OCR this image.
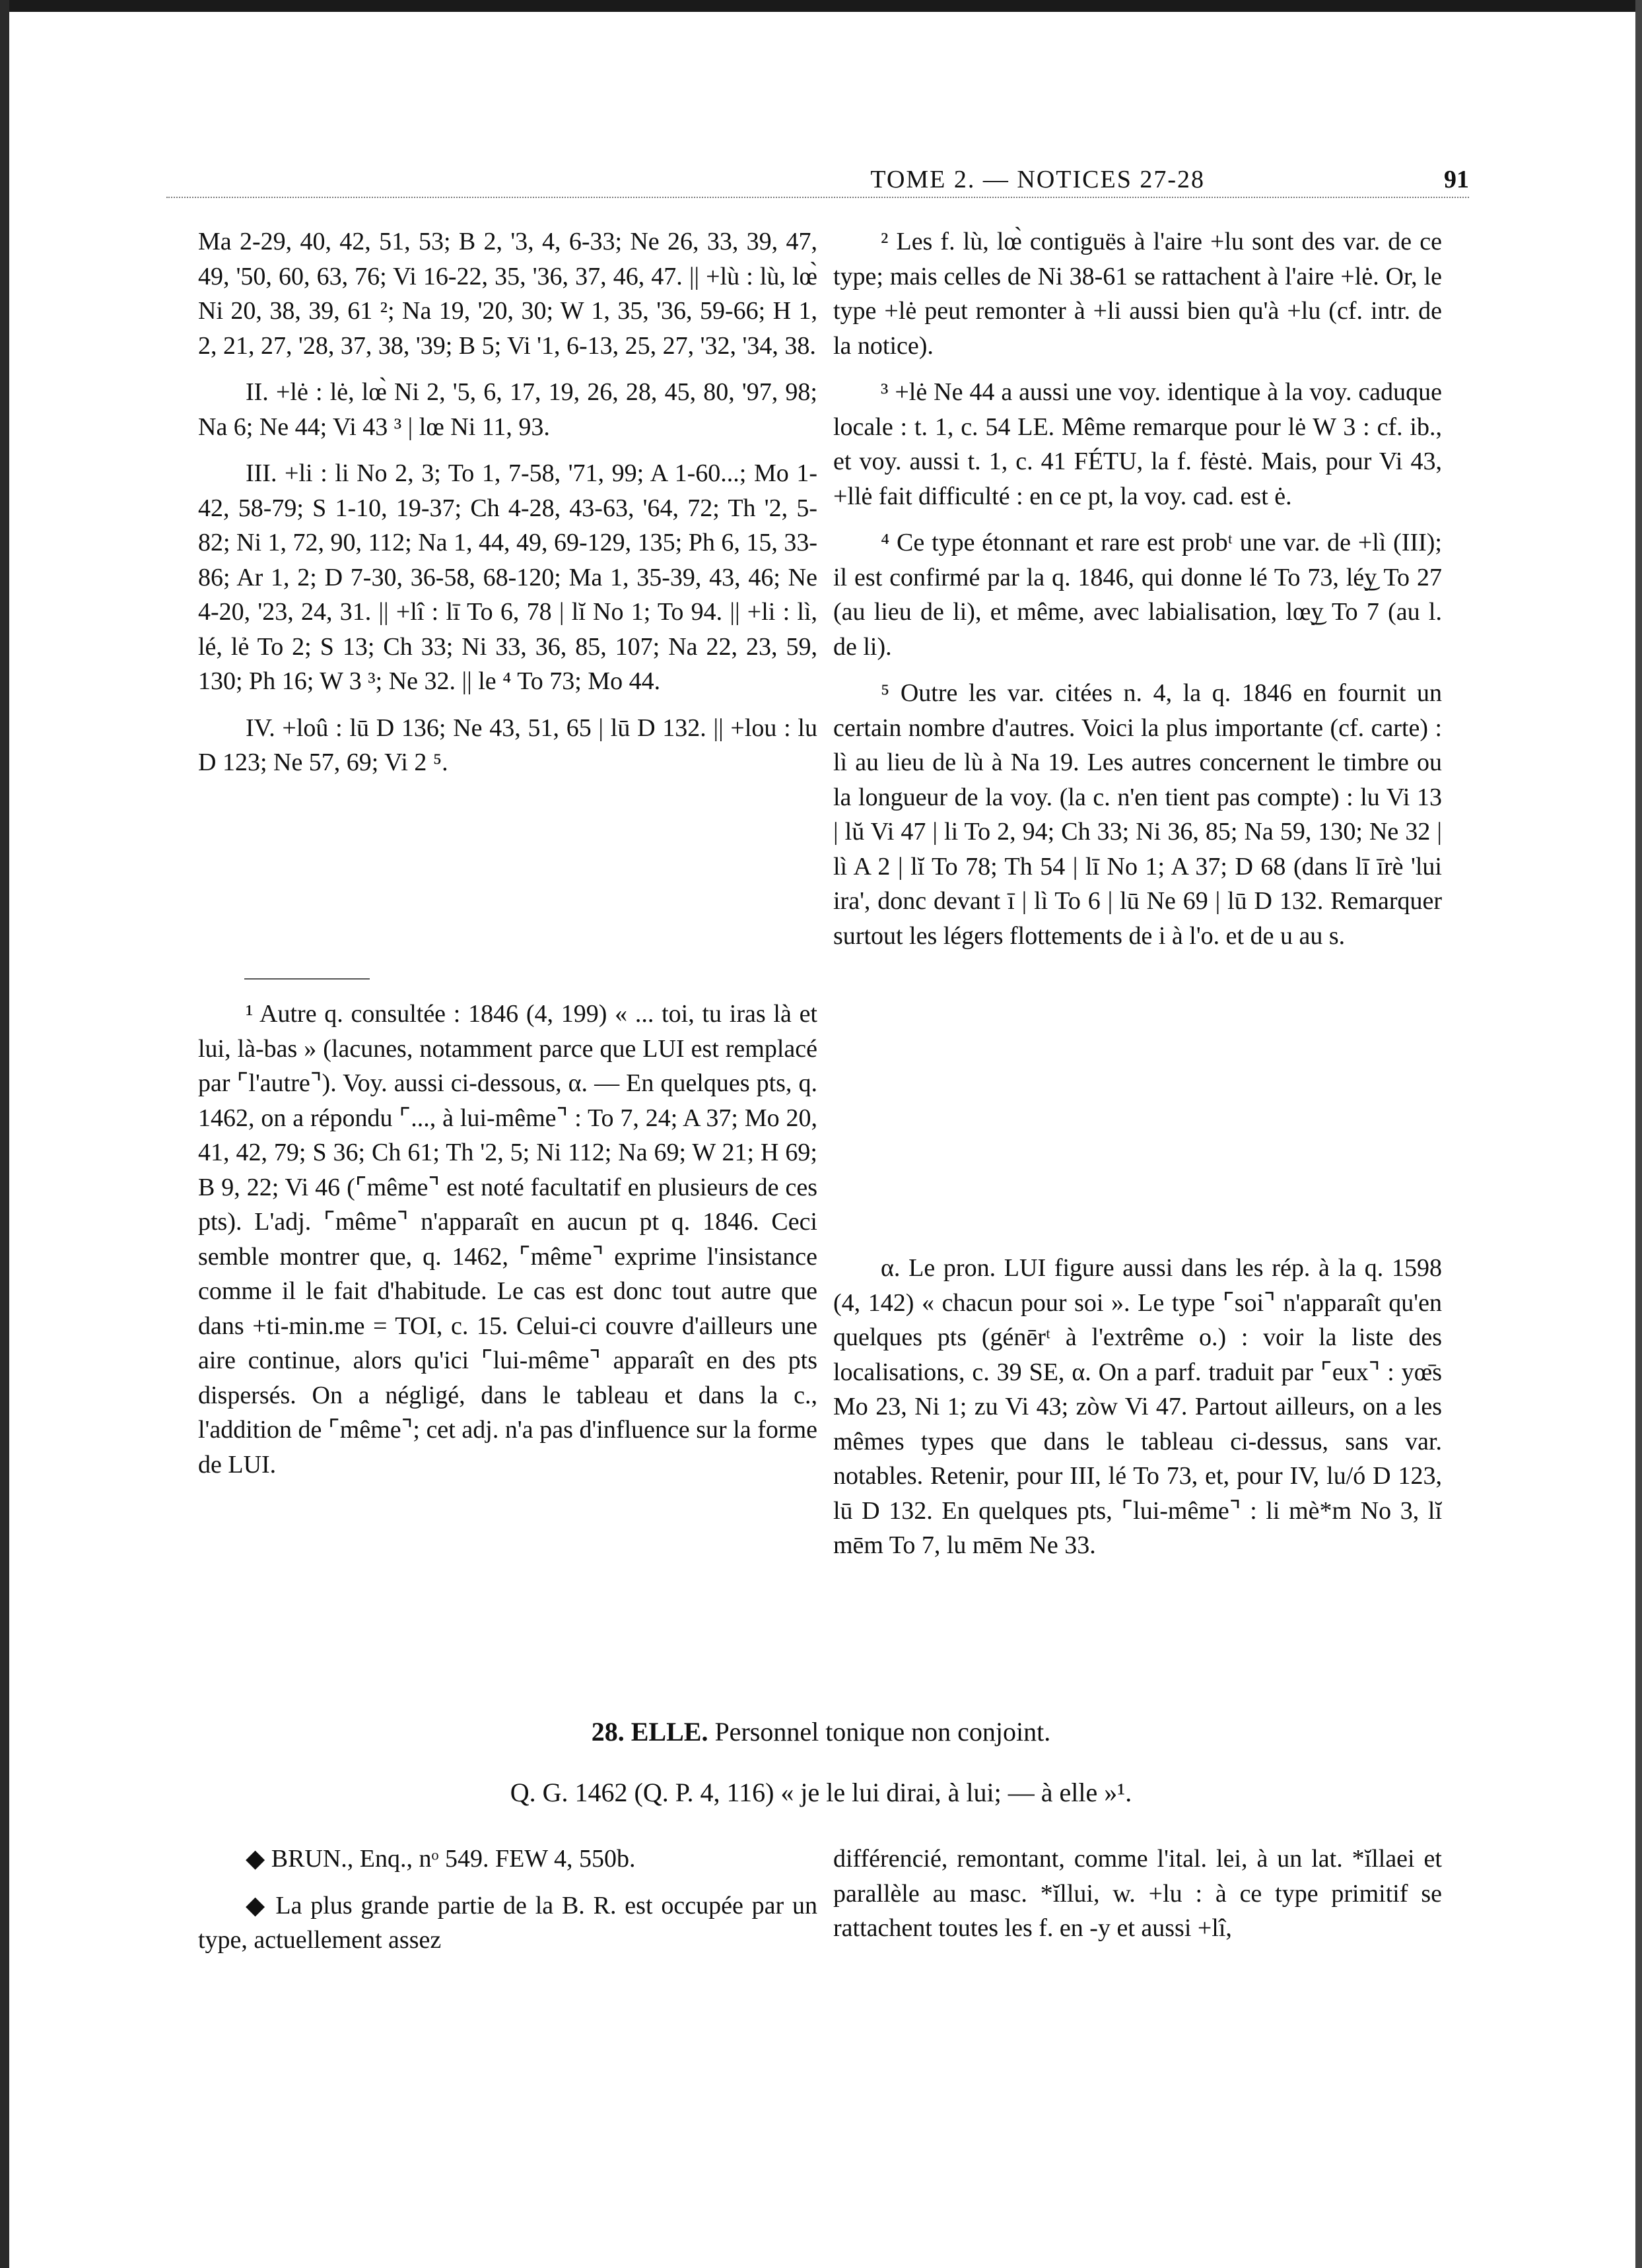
TOME 2. — NOTICES 27-28	91

Ma 2-29, 40, 42, 51, 53; B 2, '3, 4, 6-33; Ne 26, 33, 39, 47, 49, '50, 60, 63, 76; Vi 16-22, 35, '36, 37, 46, 47. || +lù : lù, lœ̀ Ni 20, 38, 39, 61 ²; Na 19, '20, 30; W 1, 35, '36, 59-66; H 1, 2, 21, 27, '28, 37, 38, '39; B 5; Vi '1, 6-13, 25, 27, '32, '34, 38.

II. +lė : lė, lœ̀ Ni 2, '5, 6, 17, 19, 26, 28, 45, 80, '97, 98; Na 6; Ne 44; Vi 43 ³ | lœ Ni 11, 93.

III. +li : li No 2, 3; To 1, 7-58, '71, 99; A 1-60...; Mo 1-42, 58-79; S 1-10, 19-37; Ch 4-28, 43-63, '64, 72; Th '2, 5-82; Ni 1, 72, 90, 112; Na 1, 44, 49, 69-129, 135; Ph 6, 15, 33-86; Ar 1, 2; D 7-30, 36-58, 68-120; Ma 1, 35-39, 43, 46; Ne 4-20, '23, 24, 31. || +lî : lī To 6, 78 | lĭ No 1; To 94. || +li : lì, lé, lẻ To 2; S 13; Ch 33; Ni 33, 36, 85, 107; Na 22, 23, 59, 130; Ph 16; W 3 ³; Ne 32. || le ⁴ To 73; Mo 44.

IV. +loû : lū D 136; Ne 43, 51, 65 | lū D 132. || +lou : lu D 123; Ne 57, 69; Vi 2 ⁵.

¹ Autre q. consultée : 1846 (4, 199) « ... toi, tu iras là et lui, là-bas » (lacunes, notamment parce que LUI est remplacé par ⌜l'autre⌝). Voy. aussi ci-dessous, α. — En quelques pts, q. 1462, on a répondu ⌜..., à lui-même⌝ : To 7, 24; A 37; Mo 20, 41, 42, 79; S 36; Ch 61; Th '2, 5; Ni 112; Na 69; W 21; H 69; B 9, 22; Vi 46 (⌜même⌝ est noté facultatif en plusieurs de ces pts). L'adj. ⌜même⌝ n'apparaît en aucun pt q. 1846. Ceci semble montrer que, q. 1462, ⌜même⌝ exprime l'insistance comme il le fait d'habitude. Le cas est donc tout autre que dans +ti-min.me = TOI, c. 15. Celui-ci couvre d'ailleurs une aire continue, alors qu'ici ⌜lui-même⌝ apparaît en des pts dispersés. On a négligé, dans le tableau et dans la c., l'addition de ⌜même⌝; cet adj. n'a pas d'influence sur la forme de LUI.

² Les f. lù, lœ̀ contiguës à l'aire +lu sont des var. de ce type; mais celles de Ni 38-61 se rattachent à l'aire +lė. Or, le type +lė peut remonter à +li aussi bien qu'à +lu (cf. intr. de la notice).

³ +lė Ne 44 a aussi une voy. identique à la voy. caduque locale : t. 1, c. 54 LE. Même remarque pour lė W 3 : cf. ib., et voy. aussi t. 1, c. 41 FÉTU, la f. fėstė. Mais, pour Vi 43, +llė fait difficulté : en ce pt, la voy. cad. est ė.

⁴ Ce type étonnant et rare est probᵗ une var. de +lì (III); il est confirmé par la q. 1846, qui donne lé To 73, lé͜y To 27 (au lieu de li), et même, avec labialisation, lœ͜y To 7 (au l. de li).

⁵ Outre les var. citées n. 4, la q. 1846 en fournit un certain nombre d'autres. Voici la plus importante (cf. carte) : lì au lieu de lù à Na 19. Les autres concernent le timbre ou la longueur de la voy. (la c. n'en tient pas compte) : lu Vi 13 | lŭ Vi 47 | li To 2, 94; Ch 33; Ni 36, 85; Na 59, 130; Ne 32 | lì A 2 | lĭ To 78; Th 54 | lī No 1; A 37; D 68 (dans lī īrè 'lui ira', donc devant ī | lì To 6 | lū Ne 69 | lū D 132. Remarquer surtout les légers flottements de i à l'o. et de u au s.

α. Le pron. LUI figure aussi dans les rép. à la q. 1598 (4, 142) « chacun pour soi ». Le type ⌜soi⌝ n'apparaît qu'en quelques pts (génērᵗ à l'extrême o.) : voir la liste des localisations, c. 39 SE, α. On a parf. traduit par ⌜eux⌝ : yœ̄s Mo 23, Ni 1; zu Vi 43; zòw Vi 47. Partout ailleurs, on a les mêmes types que dans le tableau ci-dessus, sans var. notables. Retenir, pour III, lé To 73, et, pour IV, lu/ó D 123, lū D 132. En quelques pts, ⌜lui-même⌝ : li mè*m No 3, lĭ mēm To 7, lu mēm Ne 33.

28. ELLE. Personnel tonique non conjoint.
Q. G. 1462 (Q. P. 4, 116) « je le lui dirai, à lui; — à elle »¹.

◆ BRUN., Enq., nᵒ 549. FEW 4, 550b.

◆ La plus grande partie de la B. R. est occupée par un type, actuellement assez

différencié, remontant, comme l'ital. lei, à un lat. *ĭllaei et parallèle au masc. *ĭllui, w. +lu : à ce type primitif se rattachent toutes les f. en -y et aussi +lî,
